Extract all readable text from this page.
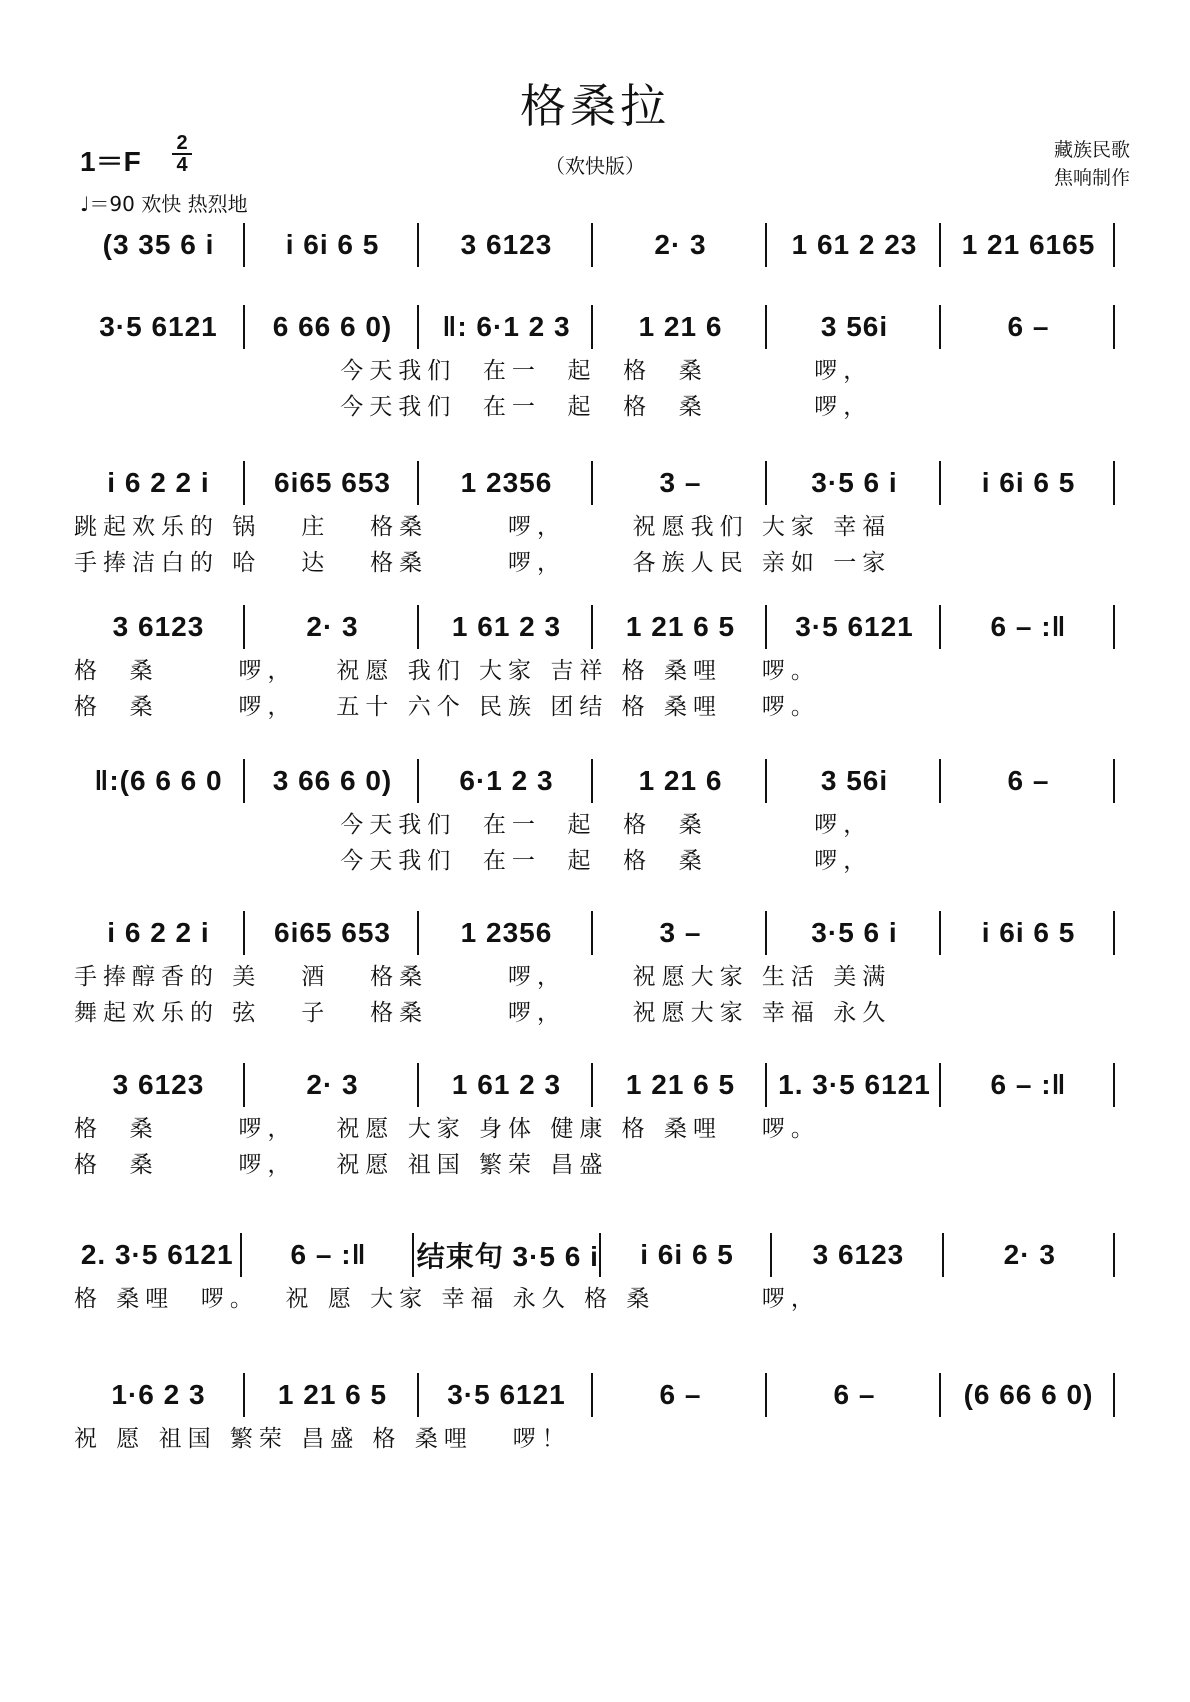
格桑拉
（欢快版）
1＝F
2
4
♩＝90 欢快 热烈地
藏族民歌
焦响制作
(3 35 6 i	i 6i 6 5	3 6123	2· 3	1 61 2 23	1 21 6165
3·5 6121	6 66 6 0)	‖: 6·1 2 3	1 21 6	3 56i	6 –
今天我们  在一  起  格  桑        啰，
今天我们  在一  起  格  桑        啰，
i 6 2 2 i	6i65 653	1 2356	3 –	3·5 6 i	i 6i 6 5
跳起欢乐的 锅   庄   格桑      啰，     祝愿我们 大家 幸福
手捧洁白的 哈   达   格桑      啰，     各族人民 亲如 一家
3 6123	2· 3	1 61 2 3	1 21 6 5	3·5 6121	6 – :‖
格  桑      啰，   祝愿 我们 大家 吉祥 格 桑哩   啰。
格  桑      啰，   五十 六个 民族 团结 格 桑哩   啰。
‖:(6 6 6 0	3 66 6 0)	6·1 2 3	1 21 6	3 56i	6 –
今天我们  在一  起  格  桑        啰，
今天我们  在一  起  格  桑        啰，
i 6 2 2 i	6i65 653	1 2356	3 –	3·5 6 i	i 6i 6 5
手捧醇香的 美   酒   格桑      啰，     祝愿大家 生活 美满
舞起欢乐的 弦   子   格桑      啰，     祝愿大家 幸福 永久
3 6123	2· 3	1 61 2 3	1 21 6 5	1. 3·5 6121	6 – :‖
格  桑      啰，   祝愿 大家 身体 健康 格 桑哩   啰。
格  桑      啰，   祝愿 祖国 繁荣 昌盛
2. 3·5 6121	6 – :‖	结束句 3·5 6 i	i 6i 6 5	3 6123	2· 3
格 桑哩  啰。  祝 愿 大家 幸福 永久 格 桑        啰，
1·6 2 3	1 21 6 5	3·5 6121	6 –	6 –	(6 66 6 0)
祝 愿 祖国 繁荣 昌盛 格 桑哩   啰！
